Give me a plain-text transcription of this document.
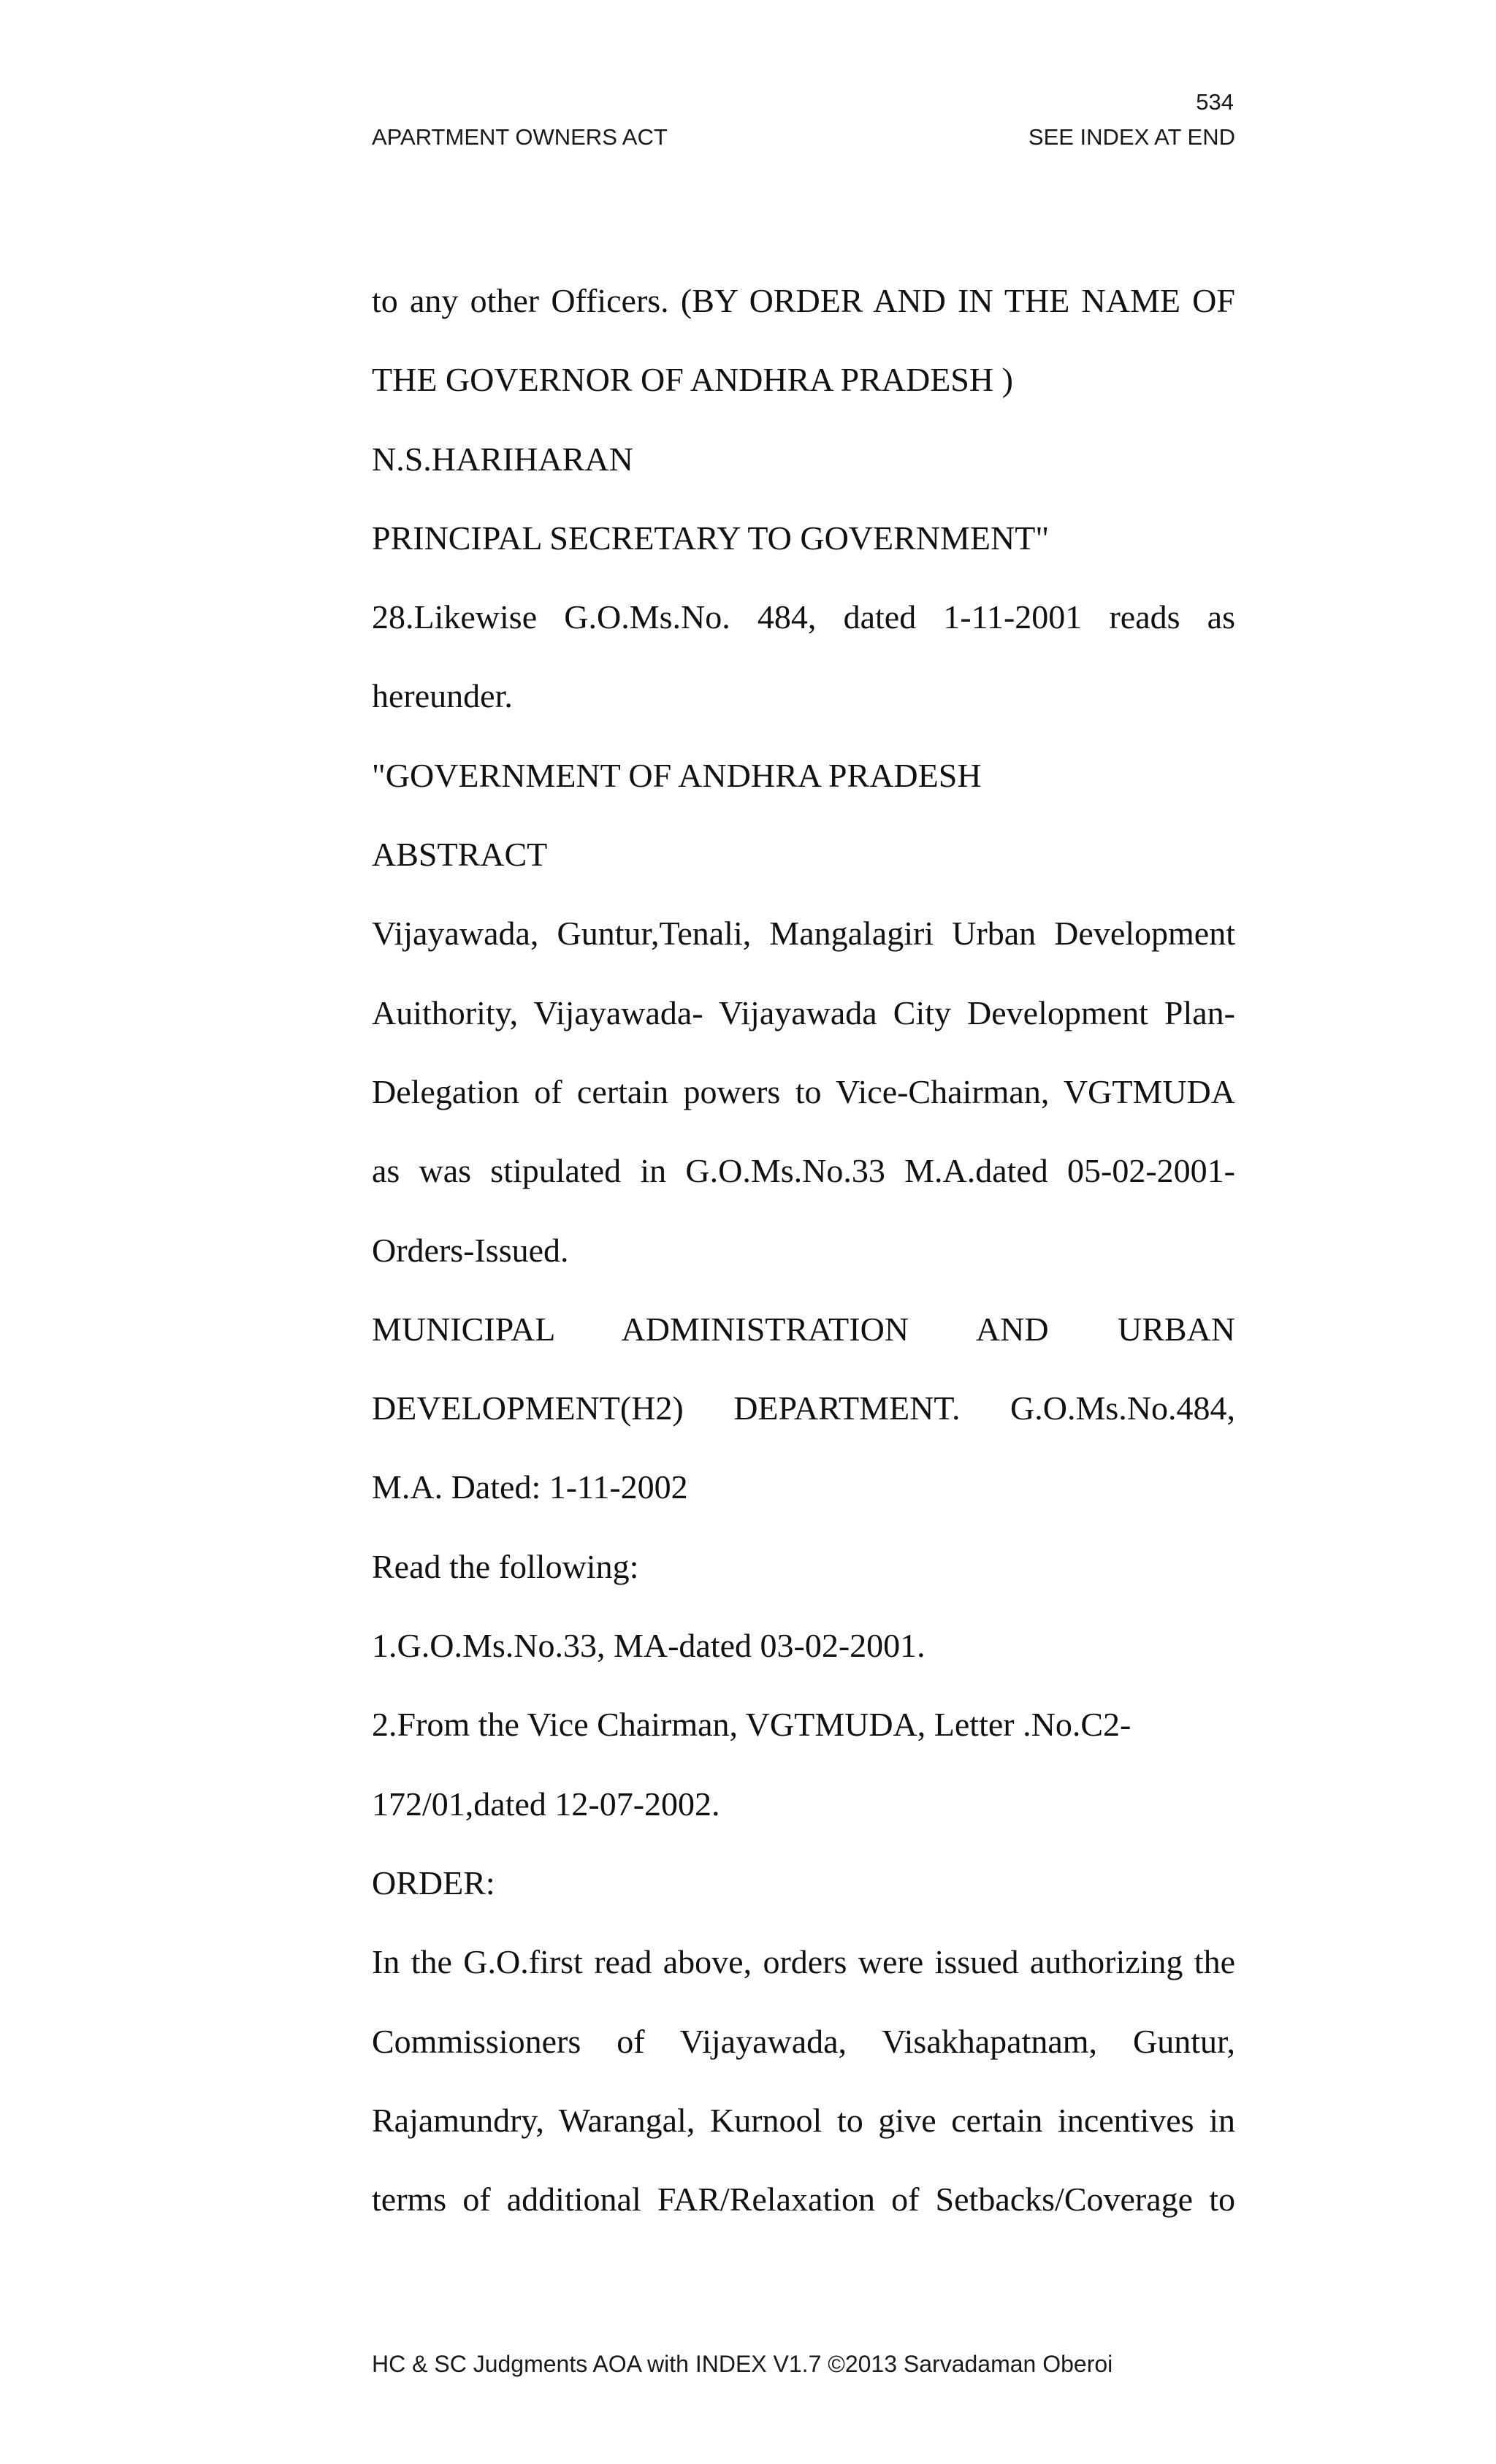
534
APARTMENT OWNERS ACT	SEE INDEX AT END
to any other Officers. (BY ORDER AND IN THE NAME OF
THE GOVERNOR OF ANDHRA PRADESH )
N.S.HARIHARAN
PRINCIPAL SECRETARY TO GOVERNMENT"
28.Likewise G.O.Ms.No. 484, dated 1-11-2001 reads as
hereunder.
"GOVERNMENT OF ANDHRA PRADESH
ABSTRACT
Vijayawada, Guntur,Tenali, Mangalagiri Urban Development
Auithority, Vijayawada- Vijayawada City Development Plan-
Delegation of certain powers to Vice-Chairman, VGTMUDA
as was stipulated in G.O.Ms.No.33 M.A.dated 05-02-2001-
Orders-Issued.
MUNICIPAL ADMINISTRATION AND URBAN
DEVELOPMENT(H2) DEPARTMENT. G.O.Ms.No.484,
M.A. Dated: 1-11-2002
Read the following:
1.G.O.Ms.No.33, MA-dated 03-02-2001.
2.From the Vice Chairman, VGTMUDA, Letter .No.C2-
172/01,dated 12-07-2002.
ORDER:
In the G.O.first read above, orders were issued authorizing the
Commissioners of Vijayawada, Visakhapatnam, Guntur,
Rajamundry, Warangal, Kurnool to give certain incentives in
terms of additional FAR/Relaxation of Setbacks/Coverage to
HC & SC Judgments AOA with INDEX V1.7 ©2013 Sarvadaman Oberoi
